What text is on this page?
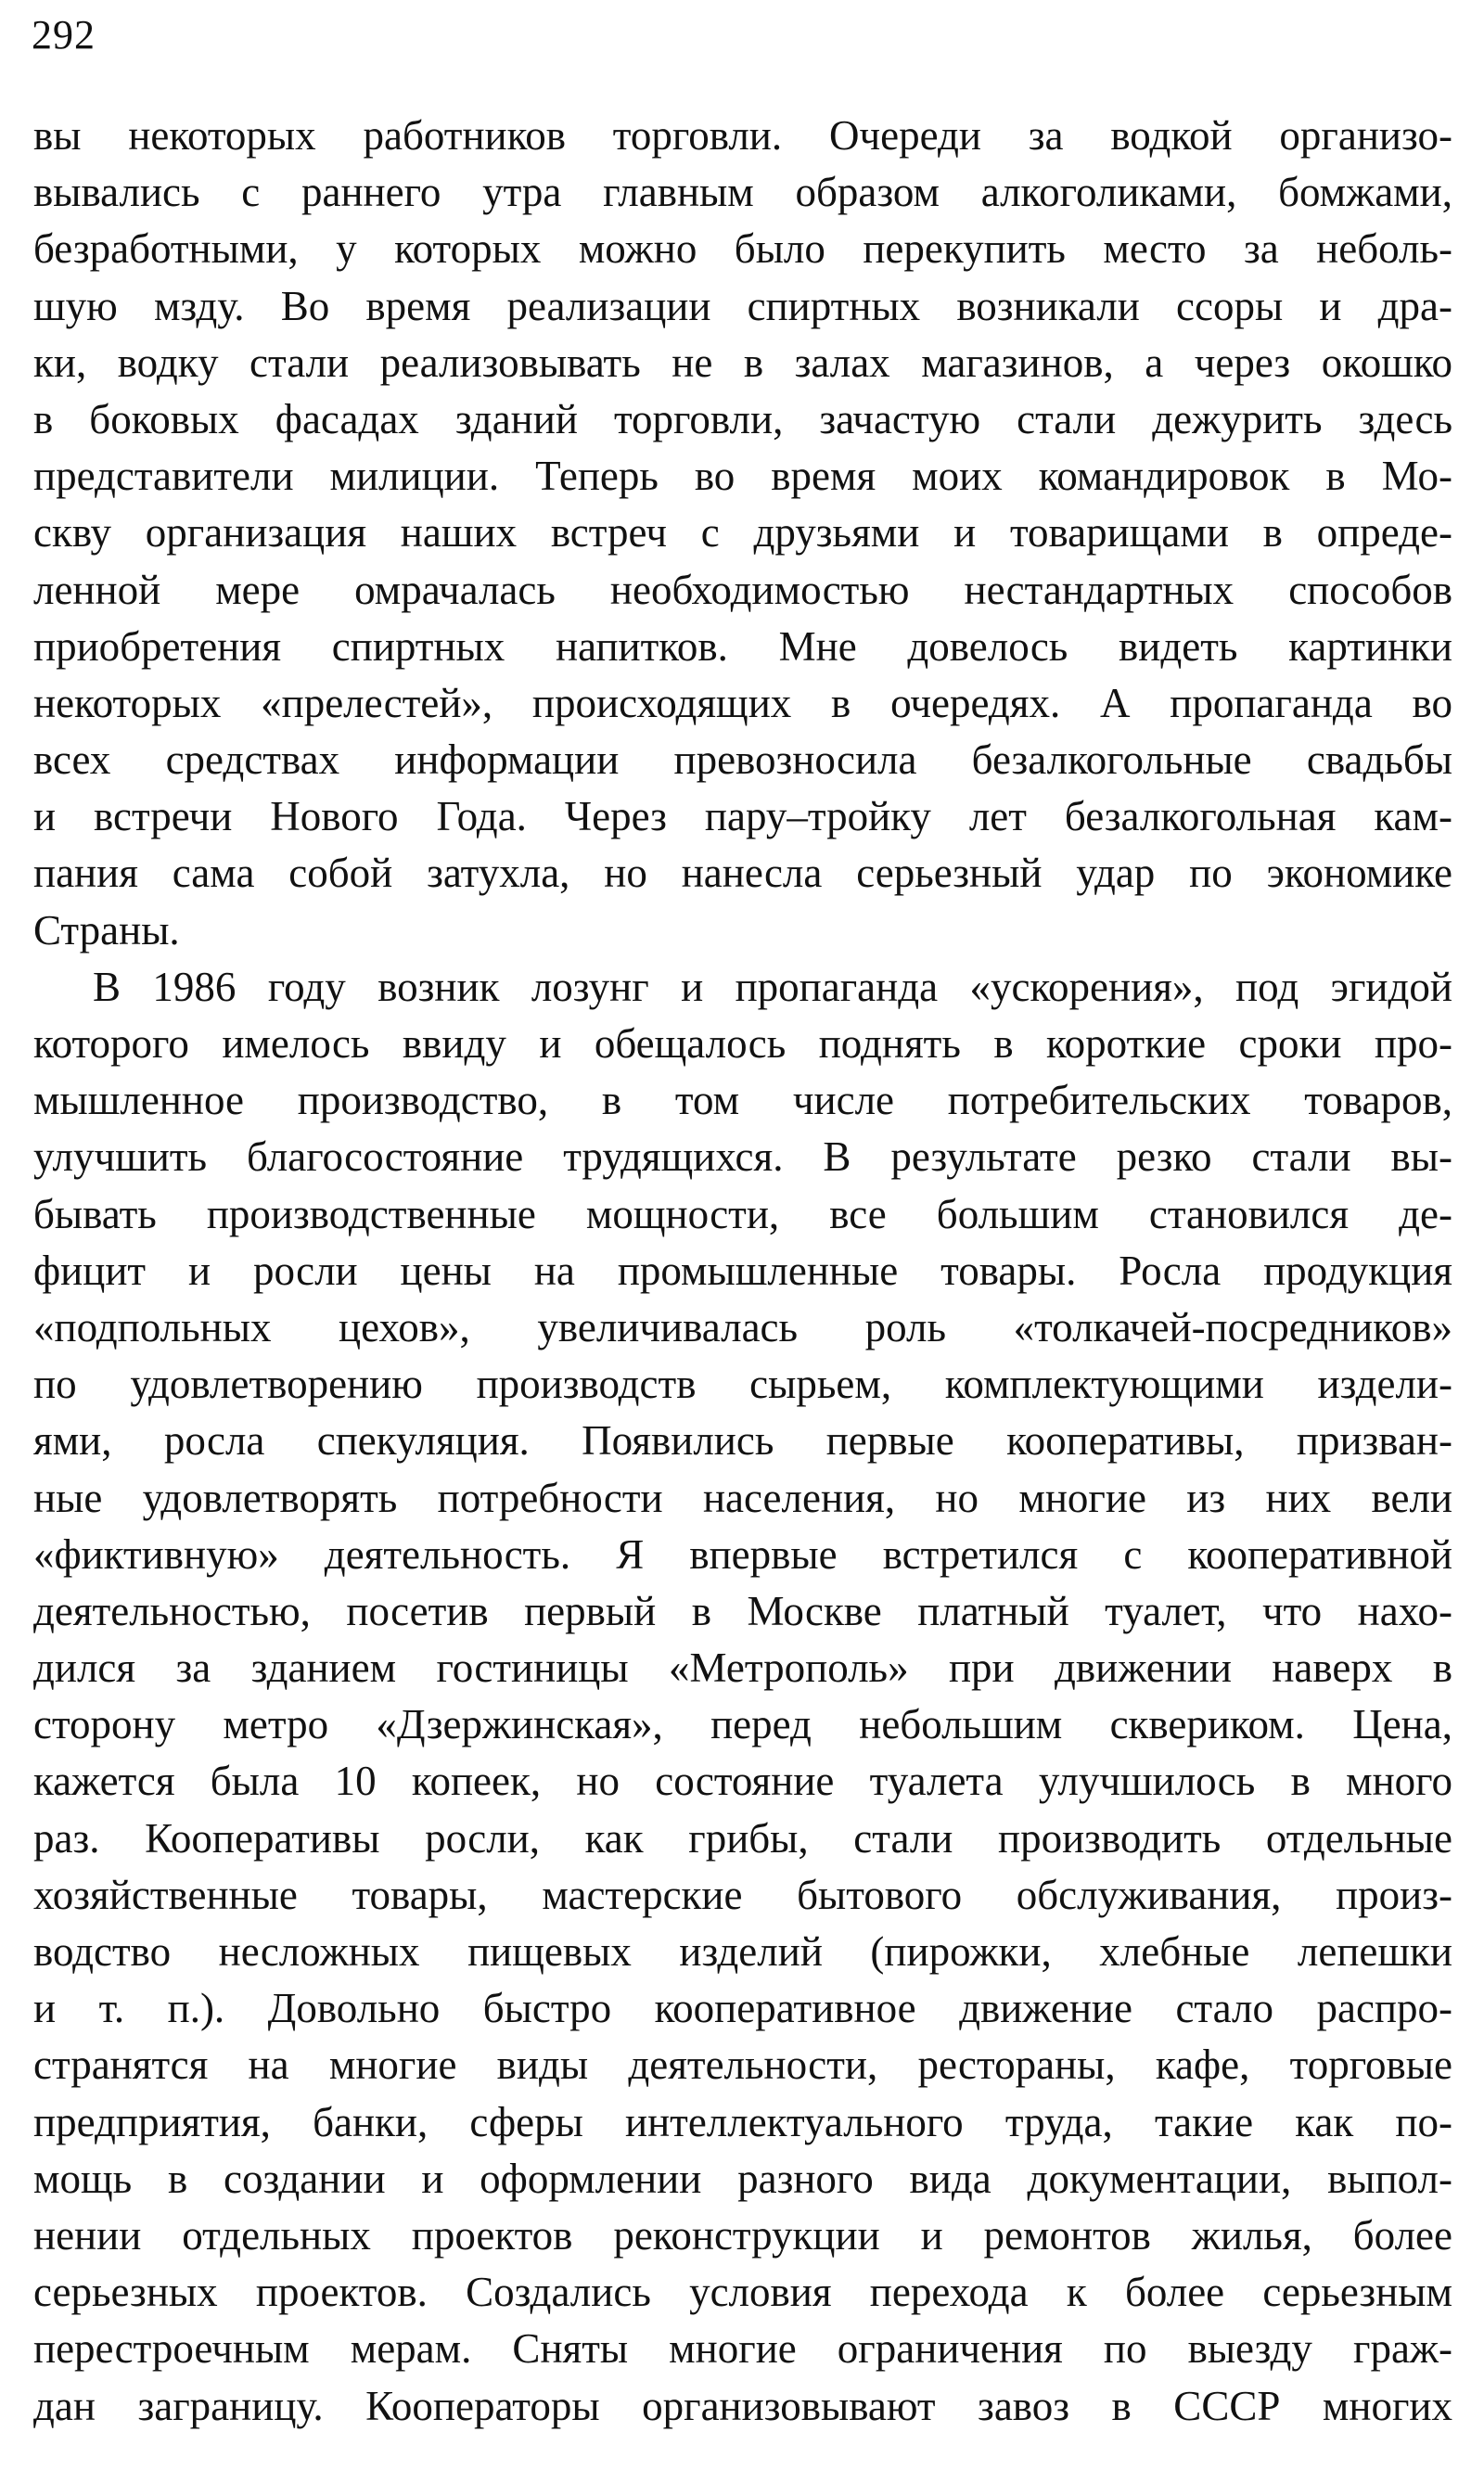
292
вы некоторых работников торговли. Очереди за водкой организо-
вывались с раннего утра главным образом алкоголиками, бомжами,
безработными, у которых можно было перекупить место за неболь-
шую мзду. Во время реализации спиртных возникали ссоры и дра-
ки, водку стали реализовывать не в залах магазинов, а через окошко
в боковых фасадах зданий торговли, зачастую стали дежурить здесь
представители милиции. Теперь во время моих командировок в Мо-
скву организация наших встреч с друзьями и товарищами в опреде-
ленной мере омрачалась необходимостью нестандартных способов
приобретения спиртных напитков. Мне довелось видеть картинки
некоторых «прелестей», происходящих в очередях. А пропаганда во
всех средствах информации превозносила безалкогольные свадьбы
и встречи Нового Года. Через пару–тройку лет безалкогольная кам-
пания сама собой затухла, но нанесла серьезный удар по экономике
Страны.
В 1986 году возник лозунг и пропаганда «ускорения», под эгидой
которого имелось ввиду и обещалось поднять в короткие сроки про-
мышленное производство, в том числе потребительских товаров,
улучшить благосостояние трудящихся. В результате резко стали вы-
бывать производственные мощности, все большим становился де-
фицит и росли цены на промышленные товары. Росла продукция
«подпольных цехов», увеличивалась роль «толкачей-посредников»
по удовлетворению производств сырьем, комплектующими издели-
ями, росла спекуляция. Появились первые кооперативы, призван-
ные удовлетворять потребности населения, но многие из них вели
«фиктивную» деятельность. Я впервые встретился с кооперативной
деятельностью, посетив первый в Москве платный туалет, что нахо-
дился за зданием гостиницы «Метрополь» при движении наверх в
сторону метро «Дзержинская», перед небольшим сквериком. Цена,
кажется была 10 копеек, но состояние туалета улучшилось в много
раз. Кооперативы росли, как грибы, стали производить отдельные
хозяйственные товары, мастерские бытового обслуживания, произ-
водство несложных пищевых изделий (пирожки, хлебные лепешки
и т. п.). Довольно быстро кооперативное движение стало распро-
странятся на многие виды деятельности, рестораны, кафе, торговые
предприятия, банки, сферы интеллектуального труда, такие как по-
мощь в создании и оформлении разного вида документации, выпол-
нении отдельных проектов реконструкции и ремонтов жилья, более
серьезных проектов. Создались условия перехода к более серьезным
перестроечным мерам. Сняты многие ограничения по выезду граж-
дан заграницу. Кооператоры организовывают завоз в СССР многих
